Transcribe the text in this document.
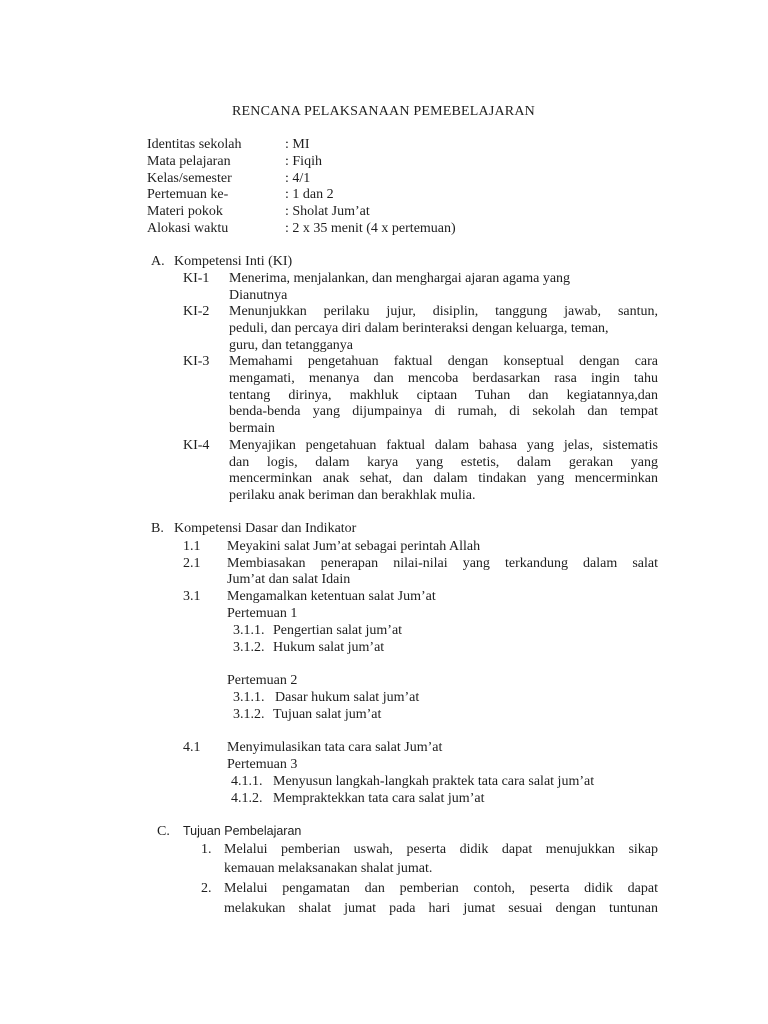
RENCANA PELAKSANAAN PEMEBELAJARAN
Identitas sekolah	: MI
Mata pelajaran	: Fiqih
Kelas/semester	: 4/1
Pertemuan ke-	: 1 dan 2
Materi pokok	: Sholat Jum’at
Alokasi waktu	: 2 x 35 menit (4 x pertemuan)
A. Kompetensi Inti (KI)
KI-1 Menerima, menjalankan, dan menghargai ajaran agama yang
Dianutnya
KI-2 Menunjukkan perilaku jujur, disiplin, tanggung jawab, santun,
peduli, dan percaya diri dalam berinteraksi dengan keluarga, teman,
guru, dan tetangganya
KI-3 Memahami pengetahuan faktual dengan konseptual dengan cara
mengamati, menanya dan mencoba berdasarkan rasa ingin tahu
tentang dirinya, makhluk ciptaan Tuhan dan kegiatannya,dan
benda-benda yang dijumpainya di rumah, di sekolah dan tempat
bermain
KI-4 Menyajikan pengetahuan faktual dalam bahasa yang jelas, sistematis
dan logis, dalam karya yang estetis, dalam gerakan yang
mencerminkan anak sehat, dan dalam tindakan yang mencerminkan
perilaku anak beriman dan berakhlak mulia.
B. Kompetensi Dasar dan Indikator
1.1 Meyakini salat Jum’at sebagai perintah Allah
2.1 Membiasakan penerapan nilai-nilai yang terkandung dalam salat
Jum’at dan salat Idain
3.1 Mengamalkan ketentuan salat Jum’at
Pertemuan 1
3.1.1. Pengertian salat jum’at
3.1.2. Hukum salat jum’at
Pertemuan 2
3.1.1. Dasar hukum salat jum’at
3.1.2. Tujuan salat jum’at
4.1 Menyimulasikan tata cara salat Jum’at
Pertemuan 3
4.1.1. Menyusun langkah-langkah praktek tata cara salat jum’at
4.1.2. Mempraktekkan tata cara salat jum’at
C. Tujuan Pembelajaran
1. Melalui pemberian uswah, peserta didik dapat menujukkan sikap
kemauan melaksanakan shalat jumat.
2. Melalui pengamatan dan pemberian contoh, peserta didik dapat
melakukan shalat jumat pada hari jumat sesuai dengan tuntunan
